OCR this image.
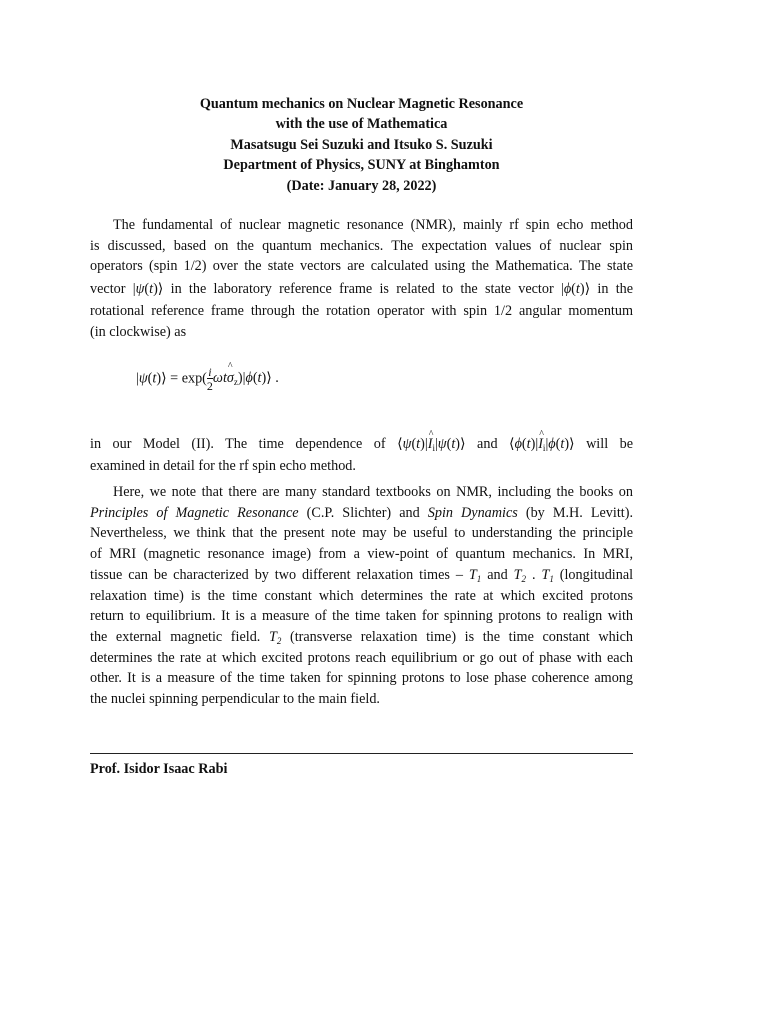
Quantum mechanics on Nuclear Magnetic Resonance
with the use of Mathematica
Masatsugu Sei Suzuki and Itsuko S. Suzuki
Department of Physics, SUNY at Binghamton
(Date: January 28, 2022)
The fundamental of nuclear magnetic resonance (NMR), mainly rf spin echo method
is discussed, based on the quantum mechanics. The expectation values of nuclear spin
operators (spin 1/2) over the state vectors are calculated using the Mathematica. The state
vector |ψ(t)⟩ in the laboratory reference frame is related to the state vector |ϕ(t)⟩ in the
rotational reference frame through the rotation operator with spin 1/2 angular momentum
(in clockwise) as
|ψ(t)⟩ = $\exp( \frac{i}{2}$ ωt^ $\sigma_z)|\phi(t)⟩$ .
in our Model (II). The time dependence of ⟨ψ(t)|^ $I_i|\psi(t)⟩$ and ⟨ϕ(t)|^ $I_i|\phi(t)⟩$ will be
examined in detail for the rf spin echo method.
Here, we note that there are many standard textbooks on NMR, including the books on
Principles of Magnetic Resonance (C.P. Slichter) and Spin Dynamics (by M.H. Levitt).
Nevertheless, we think that the present note may be useful to understanding the principle
of MRI (magnetic resonance image) from a view-point of quantum mechanics. In MRI,
tissue can be characterized by two different relaxation times – $T_1$ and $T_2$ . $T_1$ (longitudinal
relaxation time) is the time constant which determines the rate at which excited protons
return to equilibrium. It is a measure of the time taken for spinning protons to realign with
the external magnetic field. $T_2$ (transverse relaxation time) is the time constant which
determines the rate at which excited protons reach equilibrium or go out of phase with each
other. It is a measure of the time taken for spinning protons to lose phase coherence among
the nuclei spinning perpendicular to the main field.
Prof. Isidor Isaac Rabi
